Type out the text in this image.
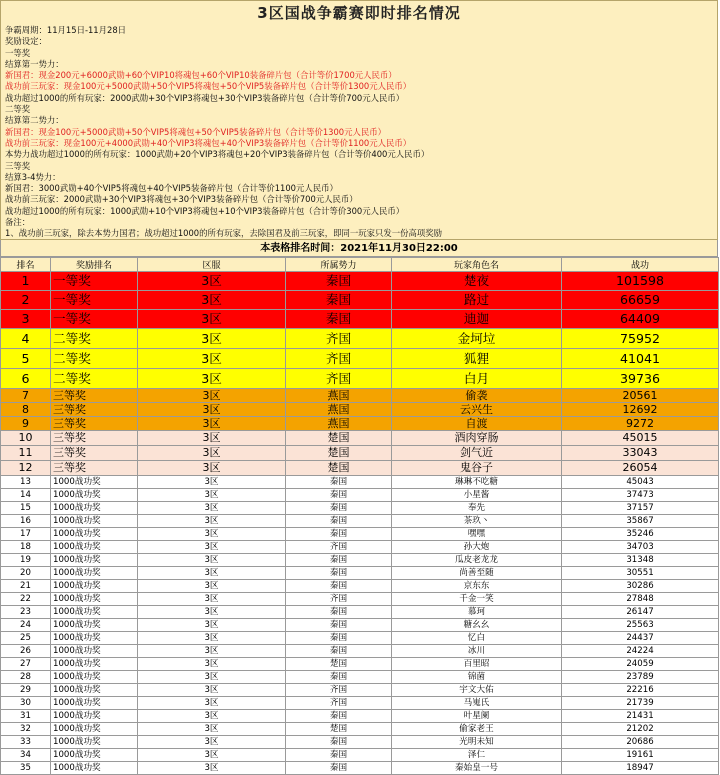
3区国战争霸赛即时排名情况
争霸周期：11月15日-11月28日
奖励设定：
一等奖
结算第一势力：
新国君：现金200元+6000武勋+60个VIP10将魂包+60个VIP10装备碎片包（合计等价1700元人民币）
战功前三玩家：现金100元+5000武勋+50个VIP5将魂包+50个VIP5装备碎片包（合计等价1300元人民币）
战功超过1000的所有玩家：2000武勋+30个VIP3将魂包+30个VIP3装备碎片包（合计等价700元人民币）
二等奖
结算第二势力：
新国君：现金100元+5000武勋+50个VIP5将魂包+50个VIP5装备碎片包（合计等价1300元人民币）
战功前三玩家：现金100元+4000武勋+40个VIP3将魂包+40个VIP3装备碎片包（合计等价1100元人民币）
本势力战功超过1000的所有玩家：1000武勋+20个VIP3将魂包+20个VIP3装备碎片包（合计等价400元人民币）
三等奖
结算3-4势力：
新国君：3000武勋+40个VIP5将魂包+40个VIP5装备碎片包（合计等价1100元人民币）
战功前三玩家：2000武勋+30个VIP3将魂包+30个VIP3装备碎片包（合计等价700元人民币）
战功超过1000的所有玩家：1000武勋+10个VIP3将魂包+10个VIP3装备碎片包（合计等价300元人民币）
备注：
1、战功前三玩家，除去本势力国君；战功超过1000的所有玩家，去除国君及前三玩家，即同一玩家只发一份高项奖励
本表格排名时间：2021年11月30日22:00
排名	奖励排名	区服	所属势力	玩家角色名	战功
1	一等奖	3区	秦国	楚夜	101598
2	一等奖	3区	秦国	路过	66659
3	一等奖	3区	秦国	迪迦	64409
4	二等奖	3区	齐国	金坷垃	75952
5	二等奖	3区	齐国	狐狸	41041
6	二等奖	3区	齐国	白月	39736
7	三等奖	3区	燕国	偷袭	20561
8	三等奖	3区	燕国	云兴生	12692
9	三等奖	3区	燕国	自渡	9272
10	三等奖	3区	楚国	酒肉穿肠	45015
11	三等奖	3区	楚国	剑气近	33043
12	三等奖	3区	楚国	鬼谷子	26054
13	1000战功奖	3区	秦国	琳琳不吃糖	45043
14	1000战功奖	3区	秦国	小星酱	37473
15	1000战功奖	3区	秦国	奉先	37157
16	1000战功奖	3区	秦国	茶玖丶	35867
17	1000战功奖	3区	秦国	嘿嘿	35246
18	1000战功奖	3区	齐国	孙大炮	34703
19	1000战功奖	3区	秦国	瓜皮老龙龙	31348
20	1000战功奖	3区	秦国	尚善至随	30551
21	1000战功奖	3区	秦国	京东东	30286
22	1000战功奖	3区	齐国	千金一笑	27848
23	1000战功奖	3区	秦国	慕珂	26147
24	1000战功奖	3区	秦国	糖幺幺	25563
25	1000战功奖	3区	秦国	忆白	24437
26	1000战功奖	3区	秦国	冰川	24224
27	1000战功奖	3区	楚国	百里昭	24059
28	1000战功奖	3区	秦国	锦菌	23789
29	1000战功奖	3区	齐国	宇文大佑	22216
30	1000战功奖	3区	齐国	马嵬氏	21739
31	1000战功奖	3区	秦国	叶星阑	21431
32	1000战功奖	3区	楚国	偷家老王	21202
33	1000战功奖	3区	秦国	光明未知	20686
34	1000战功奖	3区	秦国	泽仁	19161
35	1000战功奖	3区	秦国	秦始皇一号	18947
